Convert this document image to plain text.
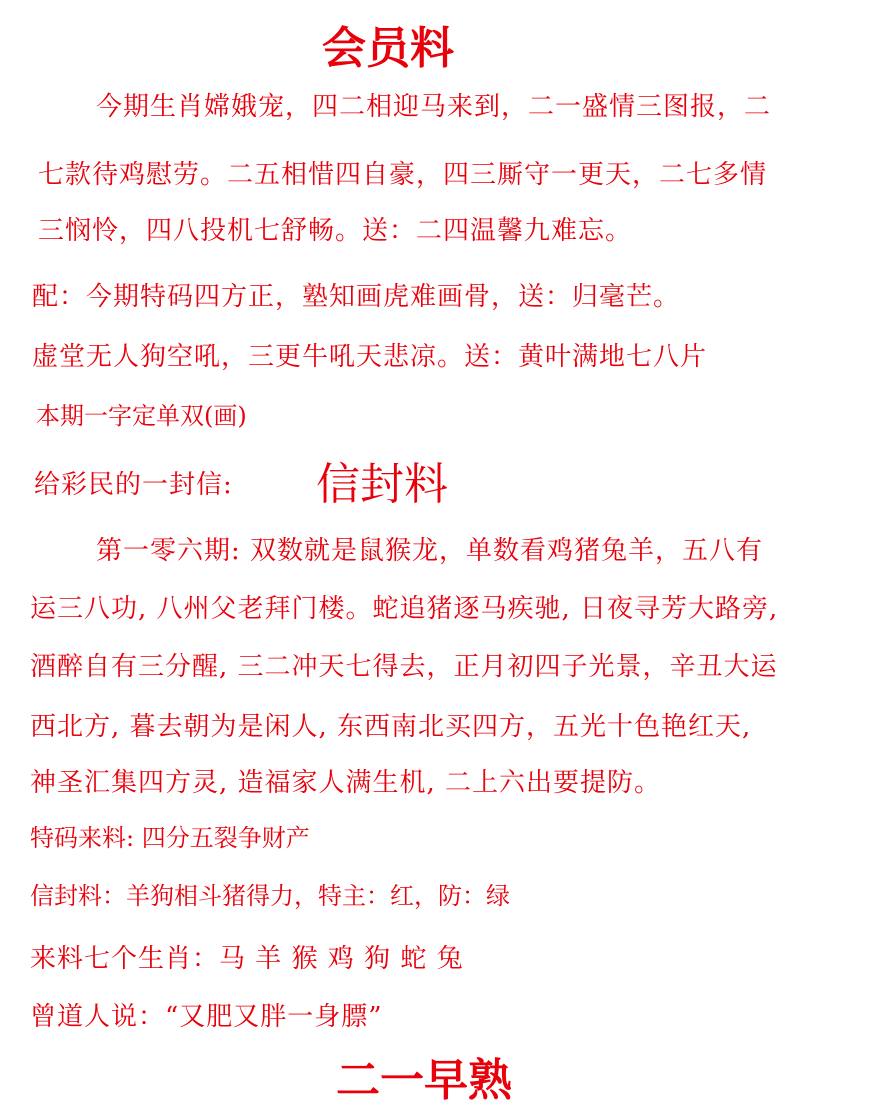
会员料
今期生肖嫦娥宠，四二相迎马来到，二一盛情三图报，二
七款待鸡慰劳。二五相惜四自豪，四三厮守一更天，二七多情
三悯怜，四八投机七舒畅。送：二四温馨九难忘。
配：今期特码四方正，塾知画虎难画骨，送：归毫芒。
虚堂无人狗空吼，三更牛吼天悲凉。送：黄叶满地七八片
本期一字定单双(画)
给彩民的一封信: 信封料
第一零六期: 双数就是鼠猴龙，单数看鸡猪兔羊，五八有
运三八功, 八州父老拜门楼。蛇追猪逐马疾驰, 日夜寻芳大路旁,
酒醉自有三分醒, 三二冲天七得去，正月初四子光景，辛丑大运
西北方, 暮去朝为是闲人, 东西南北买四方，五光十色艳红天,
神圣汇集四方灵, 造福家人满生机, 二上六出要提防。
特码来料: 四分五裂争财产
信封料：羊狗相斗猪得力，特主：红，防：绿
来料七个生肖：马 羊 猴 鸡 狗 蛇 兔
曾道人说：“又肥又胖一身膘”
二一早熟
